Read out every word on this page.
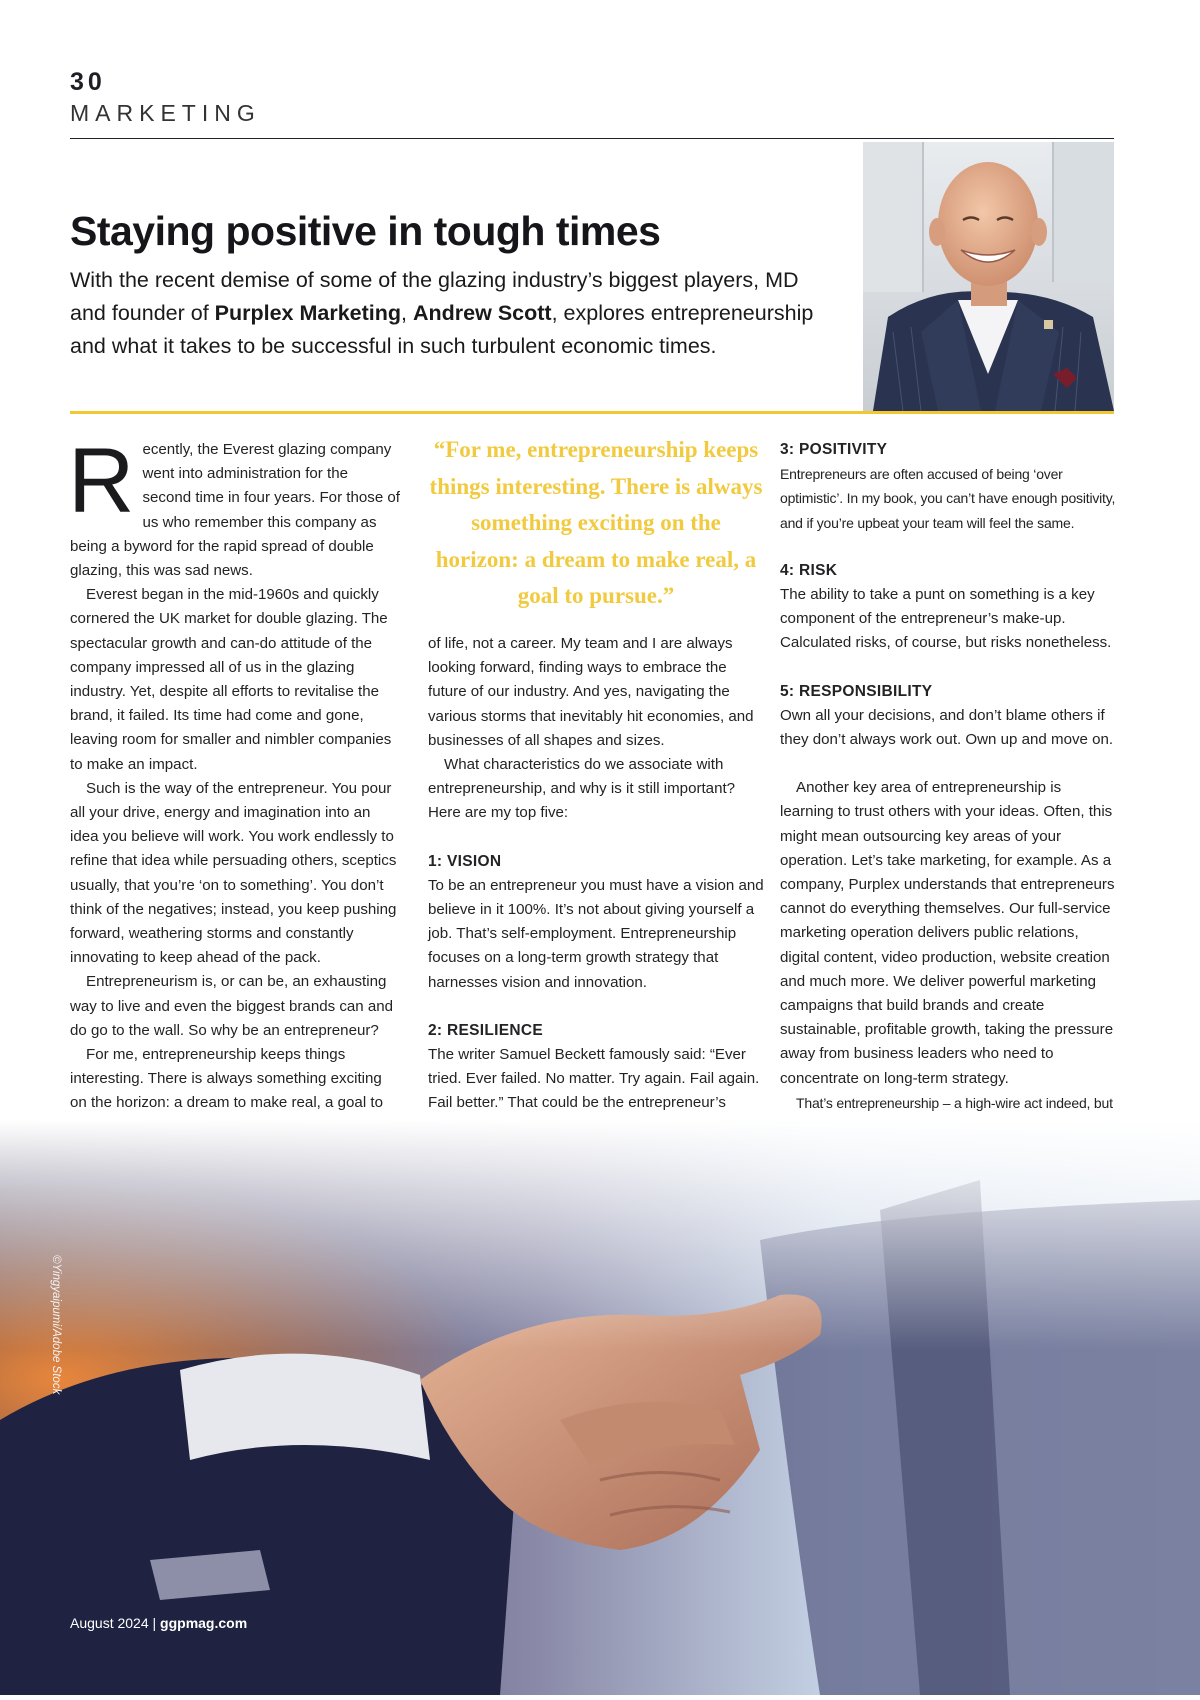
30

MARKETING

Staying positive in tough times

With the recent demise of some of the glazing industry’s biggest players, MD and founder of Purplex Marketing, Andrew Scott, explores entrepreneurship and what it takes to be successful in such turbulent economic times.

Recently, the Everest glazing company went into administration for the second time in four years. For those of us who remember this company as being a byword for the rapid spread of double glazing, this was sad news.

Everest began in the mid-1960s and quickly cornered the UK market for double glazing. The spectacular growth and can-do attitude of the company impressed all of us in the glazing industry. Yet, despite all efforts to revitalise the brand, it failed. Its time had come and gone, leaving room for smaller and nimbler companies to make an impact.

Such is the way of the entrepreneur. You pour all your drive, energy and imagination into an idea you believe will work. You work endlessly to refine that idea while persuading others, sceptics usually, that you’re ‘on to something’. You don’t think of the negatives; instead, you keep pushing forward, weathering storms and constantly innovating to keep ahead of the pack.

Entrepreneurism is, or can be, an exhausting way to live and even the biggest brands can and do go to the wall. So why be an entrepreneur?

For me, entrepreneurship keeps things interesting. There is always something exciting on the horizon: a dream to make real, a goal to

“For me, entrepreneurship keeps things interesting. There is always something exciting on the horizon: a dream to make real, a goal to pursue.”

of life, not a career. My team and I are always looking forward, finding ways to embrace the future of our industry. And yes, navigating the various storms that inevitably hit economies, and businesses of all shapes and sizes.

What characteristics do we associate with entrepreneurship, and why is it still important? Here are my top five:

1: VISION

To be an entrepreneur you must have a vision and believe in it 100%. It’s not about giving yourself a job. That’s self-employment. Entrepreneurship focuses on a long-term growth strategy that harnesses vision and innovation.

2: RESILIENCE

The writer Samuel Beckett famously said: “Ever tried. Ever failed. No matter. Try again. Fail again. Fail better.” That could be the entrepreneur’s

3: POSITIVITY

Entrepreneurs are often accused of being ‘over optimistic’. In my book, you can’t have enough positivity, and if you’re upbeat your team will feel the same.

4: RISK

The ability to take a punt on something is a key component of the entrepreneur’s make-up. Calculated risks, of course, but risks nonetheless.

5: RESPONSIBILITY

Own all your decisions, and don’t blame others if they don’t always work out. Own up and move on.

Another key area of entrepreneurship is learning to trust others with your ideas. Often, this might mean outsourcing key areas of your operation. Let’s take marketing, for example. As a company, Purplex understands that entrepreneurs cannot do everything themselves. Our full-service marketing operation delivers public relations, digital content, video production, website creation and much more. We deliver powerful marketing campaigns that build brands and create sustainable, profitable growth, taking the pressure away from business leaders who need to concentrate on long-term strategy.

That’s entrepreneurship – a high-wire act indeed, but

©Yingyaipumi/Adobe Stock

August 2024 | ggpmag.com
